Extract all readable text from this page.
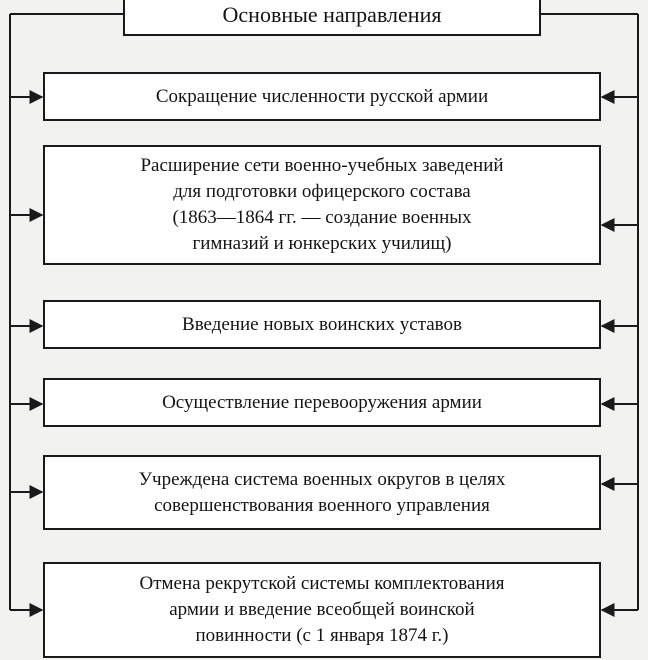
Основные направления
Сокращение численности русской армии
Расширение сети военно-учебных заведений
для подготовки офицерского состава
(1863—1864 гг. — создание военных
гимназий и юнкерских училищ)
Введение новых воинских уставов
Осуществление перевооружения армии
Учреждена система военных округов в целях
совершенствования военного управления
Отмена рекрутской системы комплектования
армии и введение всеобщей воинской
повинности (с 1 января 1874 г.)
